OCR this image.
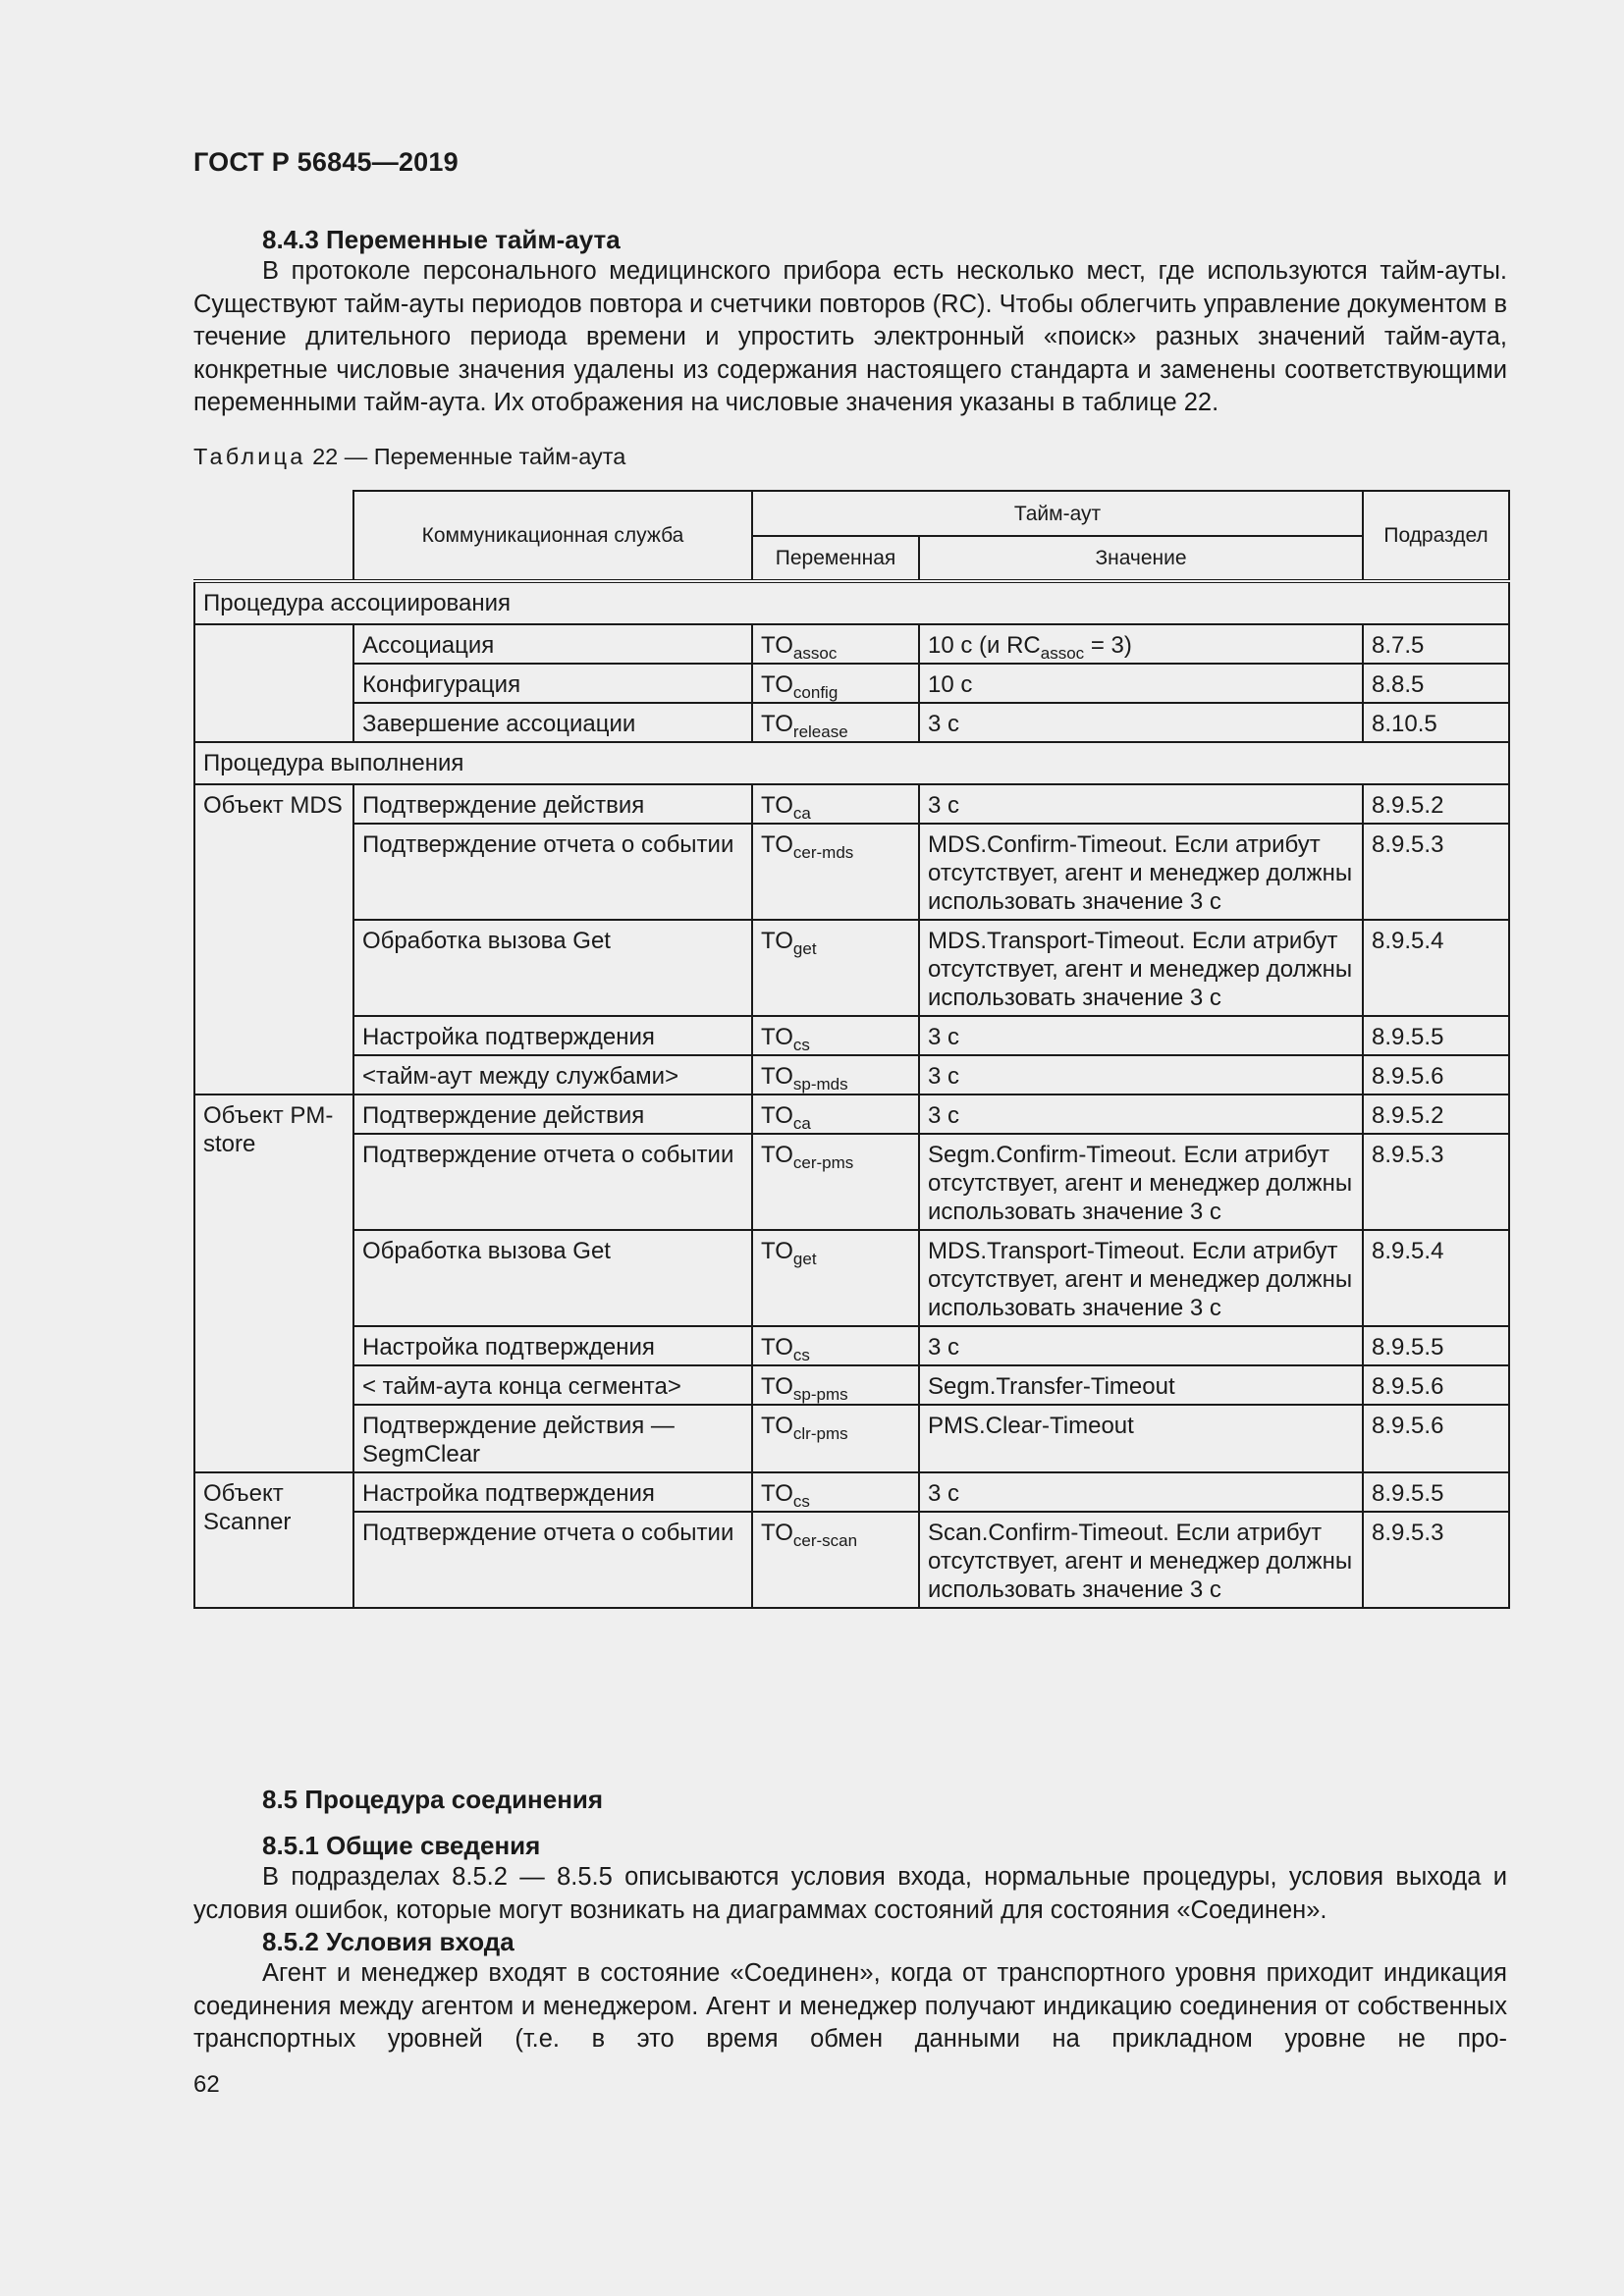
ГОСТ Р 56845—2019
8.4.3 Переменные тайм-аута

В протоколе персонального медицинского прибора есть несколько мест, где используются тайм-ауты. Существуют тайм-ауты периодов повтора и счетчики повторов (RC). Чтобы облегчить управление документом в течение длительного периода времени и упростить электронный «поиск» разных значений тайм-аута, конкретные числовые значения удалены из содержания настоящего стандарта и заменены соответствующими переменными тайм-аута. Их отображения на числовые значения указаны в таблице 22.

Таблица 22 — Переменные тайм-аута
	Коммуникационная служба	Тайм-аут		Подраздел
		Переменная	Значение	
Процедура ассоциирования				
	Ассоциация	$TO_{assoc}$	10 с (и $RC_{assoc} = 3$)	8.7.5
	Конфигурация	$TO_{config}$	10 с	8.8.5
	Завершение ассоциации	$TO_{release}$	3 с	8.10.5
Процедура выполнения				
Объект MDS	Подтверждение действия	$TO_{ca}$	3 с	8.9.5.2
	Подтверждение отчета о событии	$TO_{cer-mds}$	MDS.Confirm-Timeout. Если атрибут отсутствует, агент и менеджер должны использовать значение 3 с	8.9.5.3
	Обработка вызова Get	$TO_{get}$	MDS.Transport-Timeout. Если атрибут отсутствует, агент и менеджер должны использовать значение 3 с	8.9.5.4
	Настройка подтверждения	$TO_{cs}$	3 с	8.9.5.5
	<тайм-аут между службами>	$TO_{sp-mds}$	3 с	8.9.5.6
Объект PM-store	Подтверждение действия	$TO_{ca}$	3 с	8.9.5.2
	Подтверждение отчета о событии	$TO_{cer-pms}$	Segm.Confirm-Timeout. Если атрибут отсутствует, агент и менеджер должны использовать значение 3 с	8.9.5.3
	Обработка вызова Get	$TO_{get}$	MDS.Transport-Timeout. Если атрибут отсутствует, агент и менеджер должны использовать значение 3 с	8.9.5.4
	Настройка подтверждения	$TO_{cs}$	3 с	8.9.5.5
	< тайм-аута конца сегмента>	$TO_{sp-pms}$	Segm.Transfer-Timeout	8.9.5.6
	Подтверждение действия — SegmClear	$TO_{clr-pms}$	PMS.Clear-Timeout	8.9.5.6
Объект Scanner	Настройка подтверждения	$TO_{cs}$	3 с	8.9.5.5
	Подтверждение отчета о событии	$TO_{cer-scan}$	Scan.Confirm-Timeout. Если атрибут отсутствует, агент и менеджер должны использовать значение 3 с	8.9.5.3
8.5 Процедура соединения
8.5.1 Общие сведения

В подразделах 8.5.2 — 8.5.5 описываются условия входа, нормальные процедуры, условия выхода и условия ошибок, которые могут возникать на диаграммах состояний для состояния «Соединен».

8.5.2 Условия входа

Агент и менеджер входят в состояние «Соединен», когда от транспортного уровня приходит индикация соединения между агентом и менеджером. Агент и менеджер получают индикацию соединения от собственных транспортных уровней (т.е. в это время обмен данными на прикладном уровне не про-

62
